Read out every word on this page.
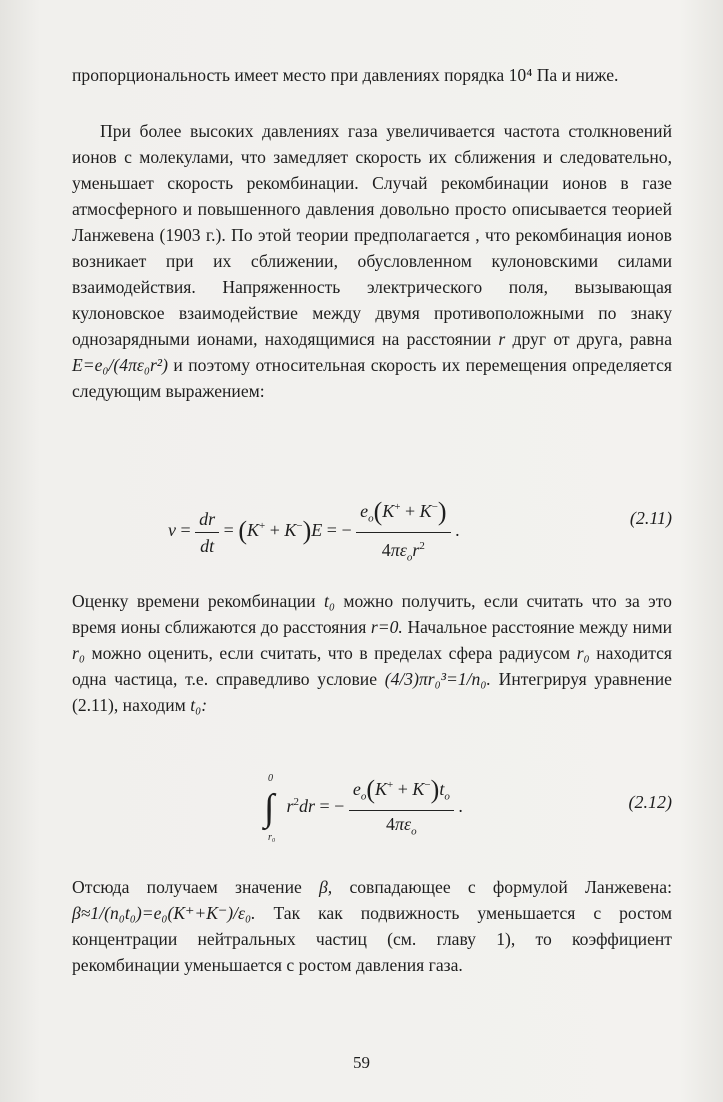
пропорциональность имеет место при давлениях порядка 10⁴ Па и ниже.

При более высоких давлениях газа увеличивается частота столкновений ионов с молекулами, что замедляет скорость их сближения и следовательно, уменьшает скорость рекомбинации. Случай рекомбинации ионов в газе атмосферного и повышенного давления довольно просто описывается теорией Ланжевена (1903 г.). По этой теории предполагается , что рекомбинация ионов возникает при их сближении, обусловленном кулоновскими силами взаимодействия. Напряженность электрического поля, вызывающая кулоновское взаимодействие между двумя противоположными по знаку однозарядными ионами, находящимися на расстоянии r друг от друга, равна E=e₀/(4πε₀r²) и поэтому относительная скорость их перемещения определяется следующим выражением:

$v = \frac{dr}{dt} = (K^+ + K^-)E$ = − $\frac{e_o(K^+ + K^-)}{4\pi\varepsilon_or^2}$ .
(2.11)

Оценку времени рекомбинации t₀ можно получить, если считать что за это время ионы сближаются до расстояния r=0. Начальное расстояние между ними r₀ можно оценить, если считать, что в пределах сфера радиусом r₀ находится одна частица, т.е. справедливо условие (4/3)πr₀³=1/n₀. Интегрируя уравнение (2.11), находим t₀:

0
∫
r₀
$r^2dr$ = − $\frac{e_o(K^+ + K^-)t_o}{4\pi\varepsilon_o}$ .	(2.12)

Отсюда получаем значение β, совпадающее с формулой Ланжевена: β≈1/(n₀t₀)=e₀(K⁺+K⁻)/ε₀. Так как подвижность уменьшается с ростом концентрации нейтральных частиц (см. главу 1), то коэффициент рекомбинации уменьшается с ростом давления газа.

59
